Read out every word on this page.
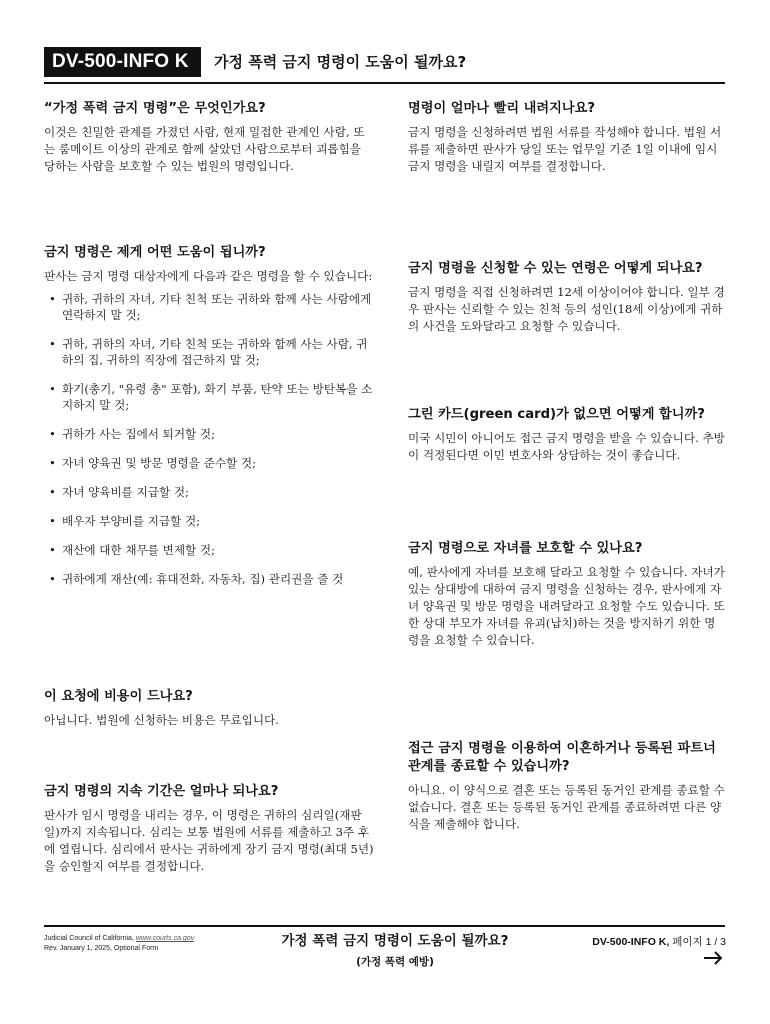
DV-500-INFO K	가정 폭력 금지 명령이 도움이 될까요?
“가정 폭력 금지 명령”은 무엇인가요?

이것은 친밀한 관계를 가졌던 사람, 현재 밀접한 관계인 사람, 또는 룸메이트 이상의 관계로 함께 살았던 사람으로부터 괴롭힘을 당하는 사람을 보호할 수 있는 법원의 명령입니다.

금지 명령은 제게 어떤 도움이 됩니까?

판사는 금지 명령 대상자에게 다음과 같은 명령을 할 수 있습니다:

• 귀하, 귀하의 자녀, 기타 친척 또는 귀하와 함께 사는 사람에게 연락하지 말 것;
• 귀하, 귀하의 자녀, 기타 친척 또는 귀하와 함께 사는 사람, 귀하의 집, 귀하의 직장에 접근하지 말 것;
• 화기(총기, "유령 총" 포함), 화기 부품, 탄약 또는 방탄복을 소지하지 말 것;
• 귀하가 사는 집에서 퇴거할 것;
• 자녀 양육권 및 방문 명령을 준수할 것;
• 자녀 양육비를 지급할 것;
• 배우자 부양비를 지급할 것;
• 재산에 대한 채무를 변제할 것;
• 귀하에게 재산(예: 휴대전화, 자동차, 집) 관리권을 줄 것
이 요청에 비용이 드나요?

아닙니다. 법원에 신청하는 비용은 무료입니다.

금지 명령의 지속 기간은 얼마나 되나요?

판사가 임시 명령을 내리는 경우, 이 명령은 귀하의 심리일(재판일)까지 지속됩니다. 심리는 보통 법원에 서류를 제출하고 3주 후에 열립니다. 심리에서 판사는 귀하에게 장기 금지 명령(최대 5년)을 승인할지 여부를 결정합니다.

명령이 얼마나 빨리 내려지나요?

금지 명령을 신청하려면 법원 서류를 작성해야 합니다. 법원 서류를 제출하면 판사가 당일 또는 업무일 기준 1일 이내에 임시 금지 명령을 내릴지 여부를 결정합니다.

금지 명령을 신청할 수 있는 연령은 어떻게 되나요?

금지 명령을 직접 신청하려면 12세 이상이어야 합니다. 일부 경우 판사는 신뢰할 수 있는 친척 등의 성인(18세 이상)에게 귀하의 사건을 도와달라고 요청할 수 있습니다.

그린 카드(green card)가 없으면 어떻게 합니까?

미국 시민이 아니어도 접근 금지 명령을 받을 수 있습니다. 추방이 걱정된다면 이민 변호사와 상담하는 것이 좋습니다.

금지 명령으로 자녀를 보호할 수 있나요?

예, 판사에게 자녀를 보호해 달라고 요청할 수 있습니다. 자녀가 있는 상대방에 대하여 금지 명령을 신청하는 경우, 판사에게 자녀 양육권 및 방문 명령을 내려달라고 요청할 수도 있습니다. 또한 상대 부모가 자녀를 유괴(납치)하는 것을 방지하기 위한 명령을 요청할 수 있습니다.

접근 금지 명령을 이용하여 이혼하거나 등록된 파트너 관계를 종료할 수 있습니까?

아니요. 이 양식으로 결혼 또는 등록된 동거인 관계를 종료할 수 없습니다. 결혼 또는 등록된 동거인 관계를 종료하려면 다른 양식을 제출해야 합니다.

Judicial Council of California, www.courts.ca.gov
Rev. January 1, 2025, Optional Form	가정 폭력 금지 명령이 도움이 될까요?
(가정 폭력 예방)
DV-500-INFO K, 페이지 1 / 3
